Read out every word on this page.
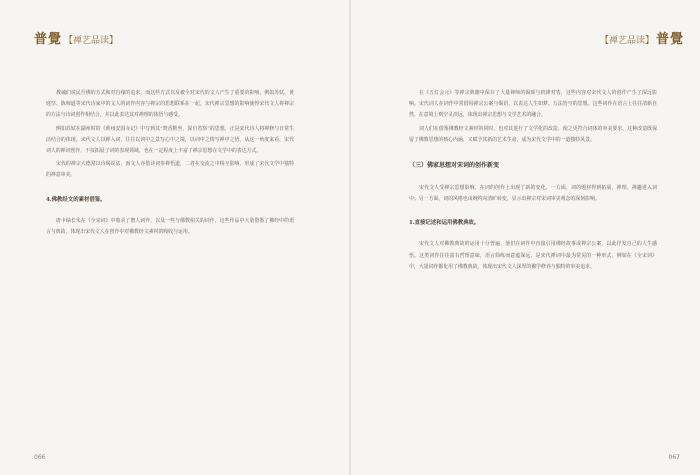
普覺 【禅艺品读】

教诫们说民吾佛的方式和对自缘的追求。而这些方式以及被全对宋代的文人产生了重要的影响，例如苏轼、黄庭坚、陈师道等宋代诗家中的文人的词作内容与禅宗的思想联系在一起。宋代禅宗思想的影响使得宋代文人将禅宗的方法与诗词创作相结合，并以此表达其对禅理的体悟与感受。

例如苏轼在湖州时的《黄州安国寺记》中写到其“焚香默坐，深自省察”的思想，正是宋代诗人将禅修与日常生活结合的体现。宋代文人以禅入词，往往以词中之景写心中之境，以词中之情写禅中之悟。从这一角度来看，宋代词人的禅词创作，不仅拓展了词的表现领域，也在一定程度上丰富了禅宗思想在文学中的表达方式。

宋代的禅宗大德常以诗偈说法，而文人亦借诗词参禅悟道，二者在交流之中相互影响，形成了宋代文学中独特的禅意审美。

4.佛教经文的素材借鉴。

唐卡绿长朱在《全宋词》中收录了僧人词作，以及一些与佛教相关的词作，这些作品中大量借鉴了佛经中的语言与典故，体现出宋代文人在创作中对佛教经文素材的吸收与运用。

066
【禅艺品读】 普覺

在《五灯会元》等禅宗典籍中保存了大量禅师的偈颂与机锋对答，这些内容对宋代文人的创作产生了深远影响。宋代词人在词作中常借用禅宗公案与偈语，以表达人生如梦、万法皆空的思想。这些词作在语言上往往清新自然，在意境上则空灵淡远，体现出禅宗思想与文学艺术的融合。

词人们在借鉴佛教经文素材的同时，也对其进行了文学化的改造，使之更符合词体的审美要求。这种改造既保留了佛教思想的核心内涵，又赋予其新的艺术生命，成为宋代文学中的一道独特风景。

（三）佛家思想对宋词的创作新变

宋代文人受禅宗思想影响，在词的创作上出现了新的变化。一方面，词的题材得到拓展，禅理、禅趣进入词中；另一方面，词的风格也由婉约向清旷转变，显示出禅宗对宋词审美观念的深刻影响。

1.直接记述和运用佛教典故。

宋代文人对佛教典故的运用十分普遍，他们在词作中直接引用佛经故事或禅宗公案，以此抒发自己的人生感悟。这类词作往往富有哲理意味，语言简练而意蕴深远，是宋代禅词中最为常见的一种形式。例如在《全宋词》中，大量词作都化用了佛教典故，体现出宋代文人深厚的佛学修养与独特的审美追求。

067
